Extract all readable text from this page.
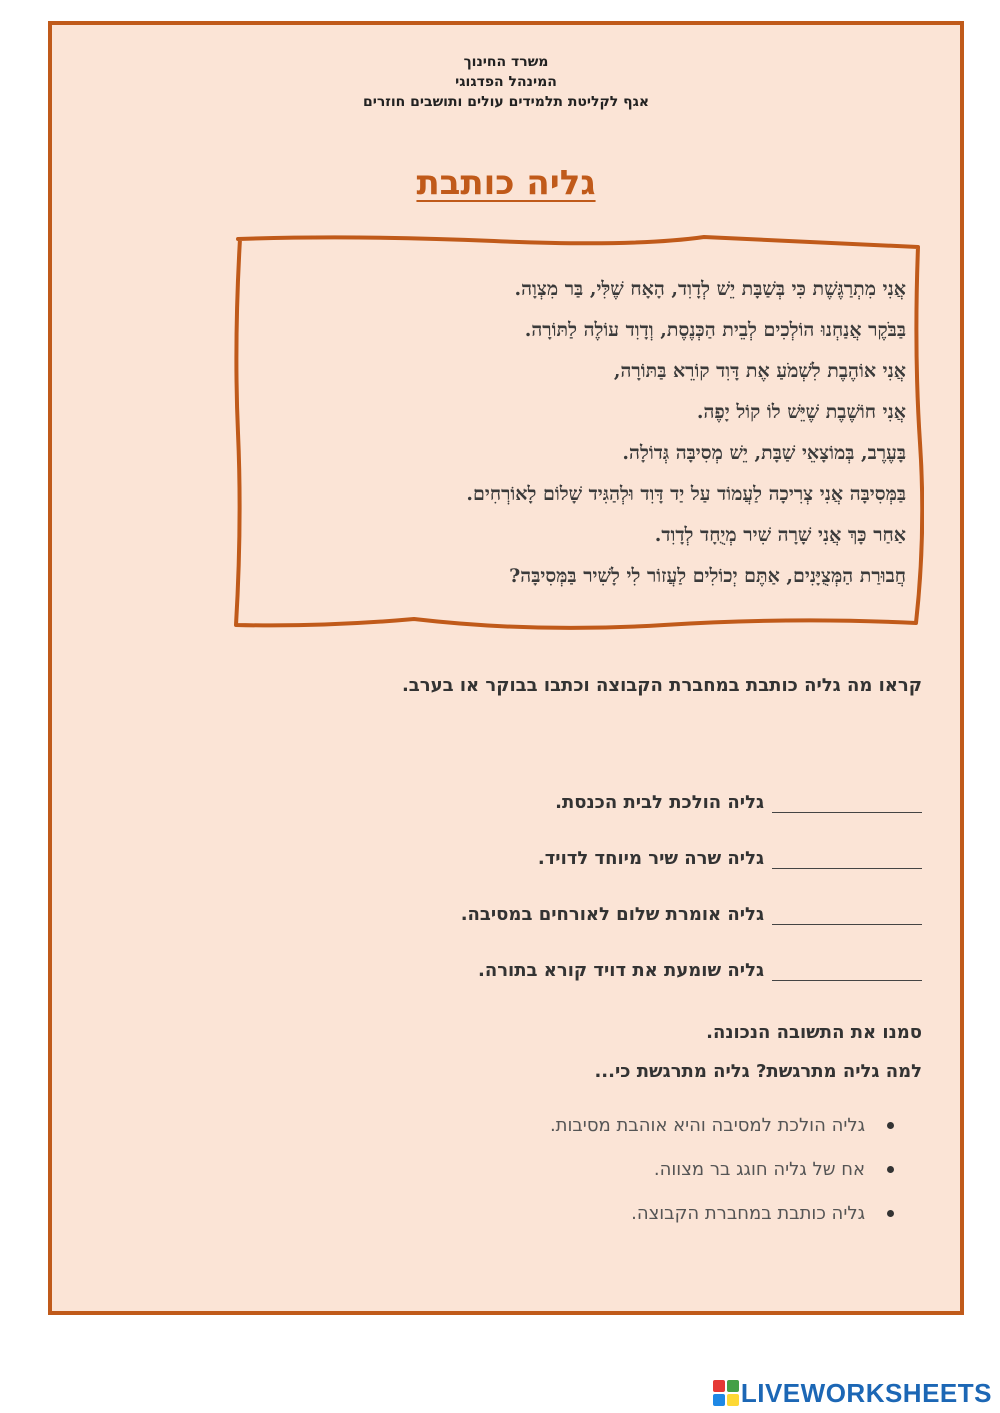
משרד החינוך
המינהל הפדגוגי
אגף לקליטת תלמידים עולים ותושבים חוזרים
גליה כותבת
אֲנִי מִתְרַגֶּשֶׁת כִּי בְּשַׁבָּת יֵשׁ לְדָוִד, הָאָח שֶׁלִּי, בַּר מִצְוָה.
בַּבֹּקֶר אֲנַחְנוּ הוֹלְכִים לְבֵית הַכְּנֶסֶת, וְדָוִד עוֹלֶה לַתּוֹרָה.
אֲנִי אוֹהֶבֶת לִשְׁמֹעַ אֶת דָּוִד קוֹרֵא בַּתּוֹרָה,
אֲנִי חוֹשֶׁבֶת שֶׁיֵּשׁ לוֹ קוֹל יָפֶה.
בָּעֶרֶב, בְּמוֹצָאֵי שַׁבָּת, יֵשׁ מְסִיבָּה גְּדוֹלָה.
בַּמְּסִיבָּה אֲנִי צְרִיכָה לַעֲמוֹד עַל יַד דָּוִד וּלְהַגִּיד שָׁלוֹם לָאוֹרְחִים.
אַחַר כָּךְ אֲנִי שָׁרָה שִׁיר מְיֻחָד לְדָוִד.
חֲבוּרַת הַמְּצֻיָּנִים, אַתֶּם יְכוֹלִים לַעֲזוֹר לִי לָשִׁיר בַּמְּסִיבָּה?
קראו מה גליה כותבת במחברת הקבוצה וכתבו בבוקר או בערב.
גליה הולכת לבית הכנסת.
גליה שרה שיר מיוחד לדויד.
גליה אומרת שלום לאורחים במסיבה.
גליה שומעת את דויד קורא בתורה.
סמנו את התשובה הנכונה.
למה גליה מתרגשת? גליה מתרגשת כי...
גליה הולכת למסיבה והיא אוהבת מסיבות.
אח של גליה חוגג בר מצווה.
גליה כותבת במחברת הקבוצה.
LIVEWORKSHEETS
